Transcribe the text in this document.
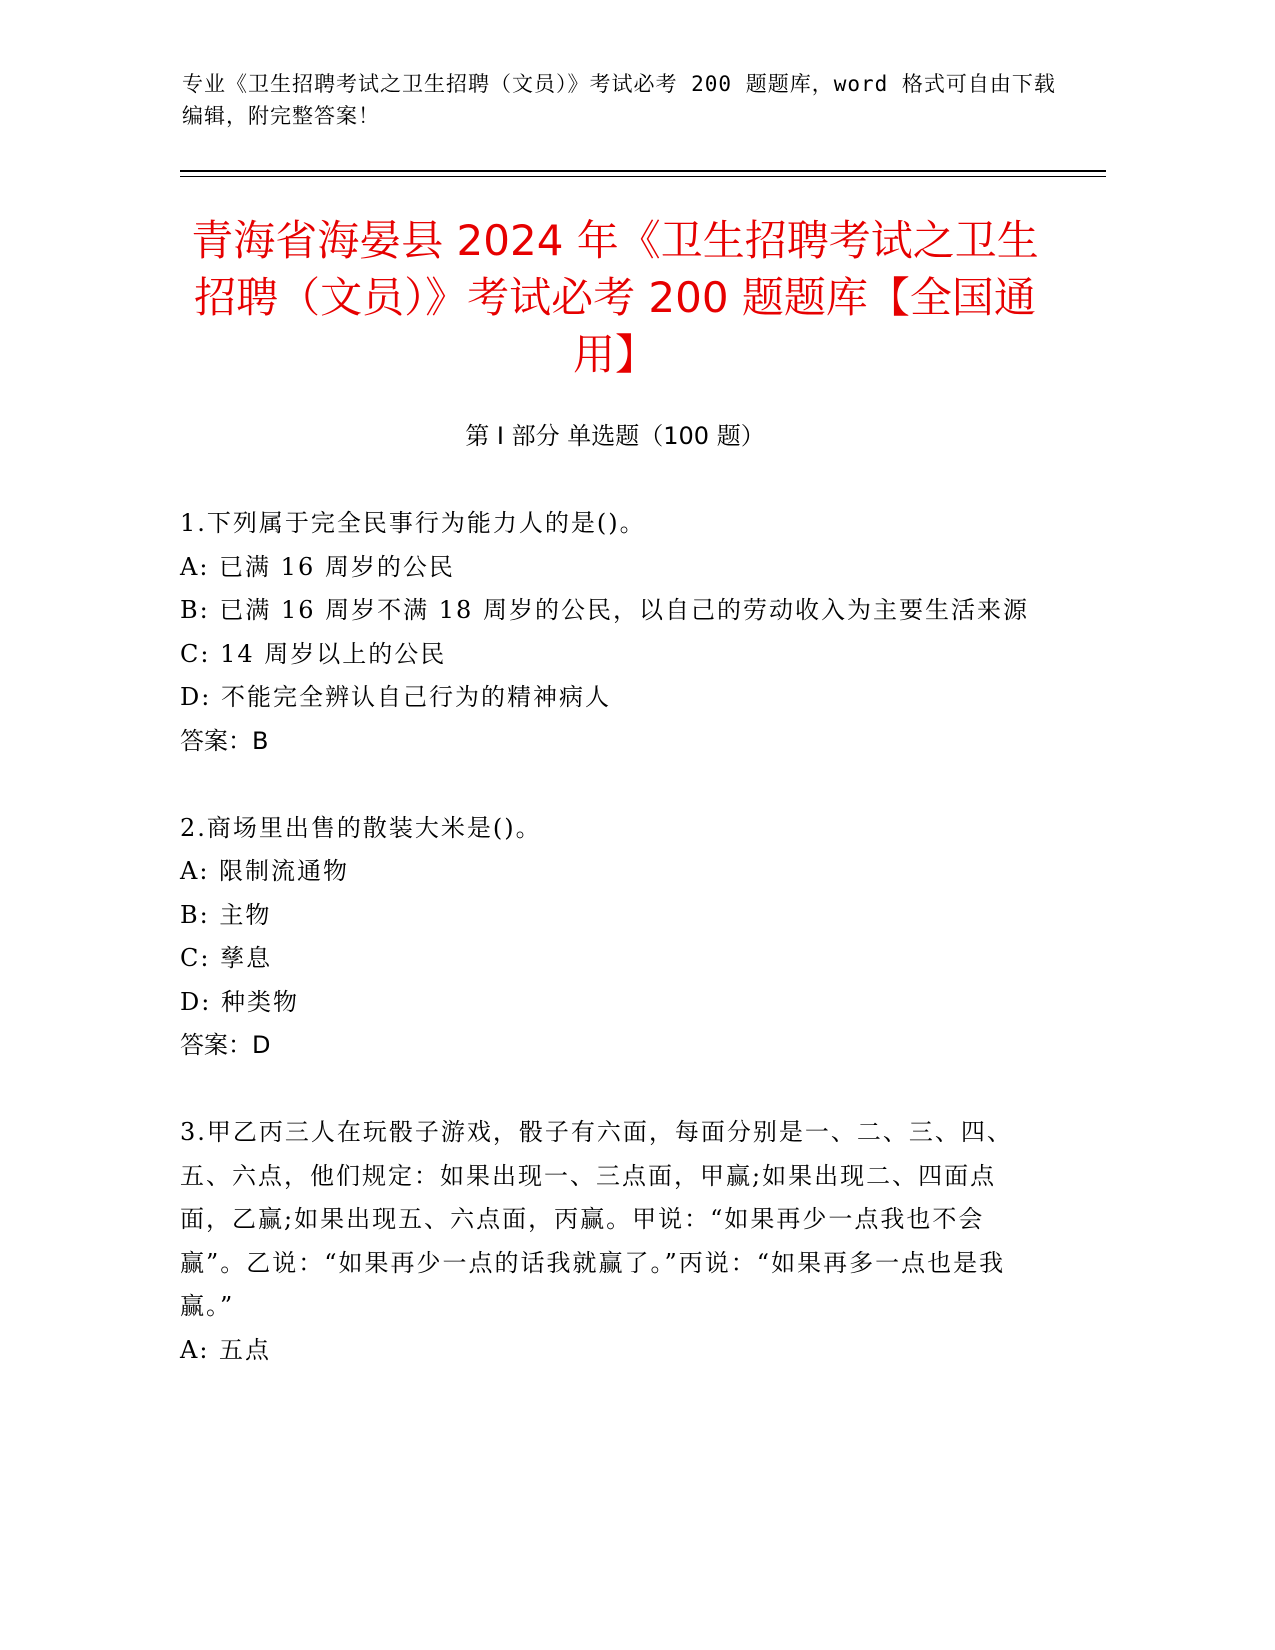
专业《卫生招聘考试之卫生招聘（文员）》考试必考 200 题题库，word 格式可自由下载编辑，附完整答案！
青海省海晏县 2024 年《卫生招聘考试之卫生招聘（文员）》考试必考 200 题题库【全国通用】
第 I 部分 单选题（100 题）

1.下列属于完全民事行为能力人的是()。

A: 已满 16 周岁的公民

B: 已满 16 周岁不满 18 周岁的公民，以自己的劳动收入为主要生活来源

C: 14 周岁以上的公民

D: 不能完全辨认自己行为的精神病人

答案：B

2.商场里出售的散装大米是()。

A: 限制流通物

B: 主物

C: 孳息

D: 种类物

答案：D

3.甲乙丙三人在玩骰子游戏，骰子有六面，每面分别是一、二、三、四、五、六点，他们规定：如果出现一、三点面，甲赢;如果出现二、四面点面，乙赢;如果出现五、六点面，丙赢。甲说：“如果再少一点我也不会赢”。乙说：“如果再少一点的话我就赢了。”丙说：“如果再多一点也是我赢。”

A: 五点
